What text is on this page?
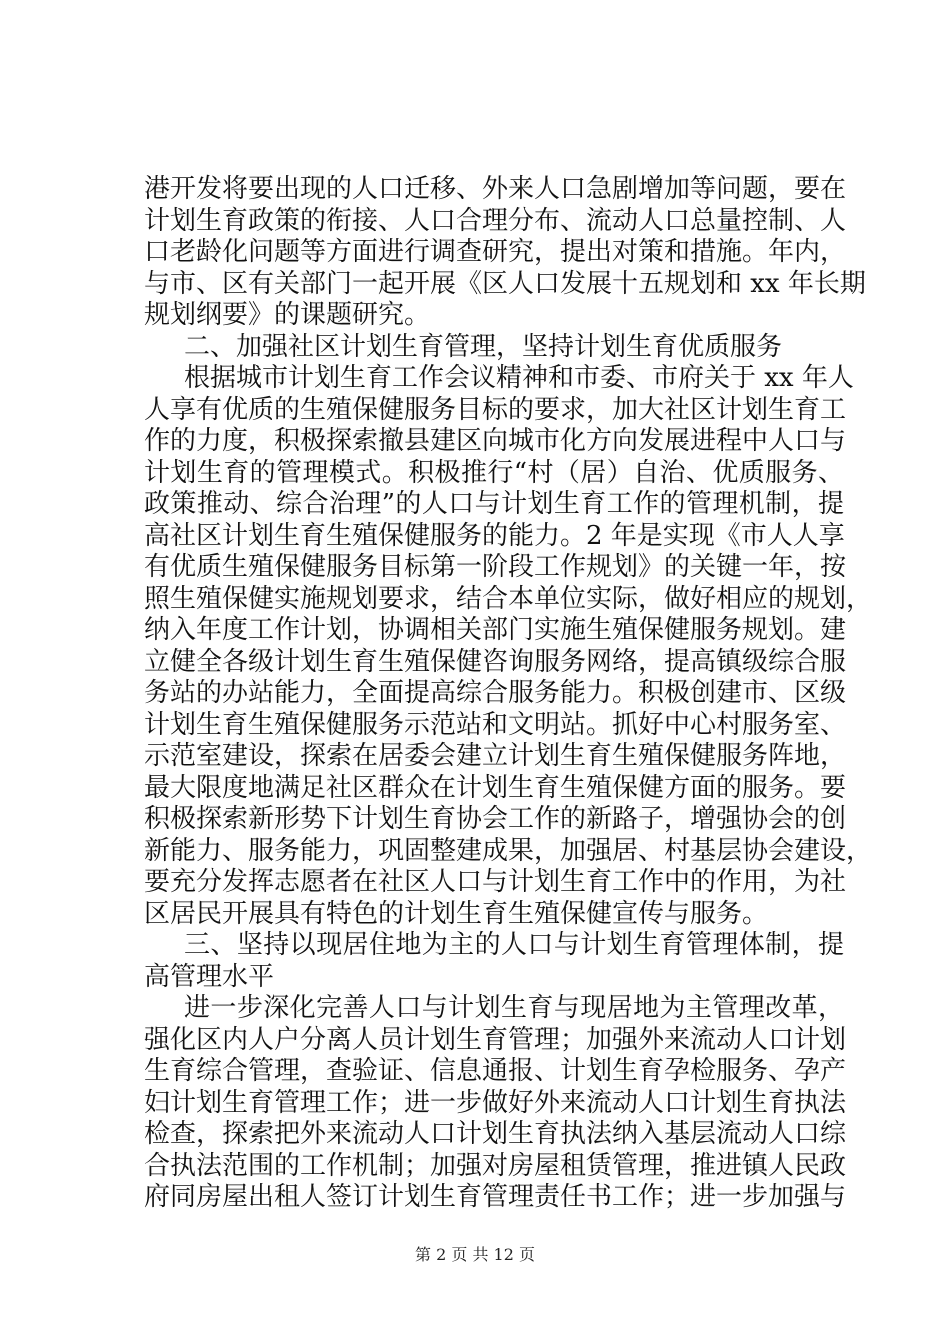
港开发将要出现的人口迁移、外来人口急剧增加等问题，要在
计划生育政策的衔接、人口合理分布、流动人口总量控制、人
口老龄化问题等方面进行调查研究，提出对策和措施。年内，
与市、区有关部门一起开展《区人口发展十五规划和 xx 年长期
规划纲要》的课题研究。
二、加强社区计划生育管理，坚持计划生育优质服务
根据城市计划生育工作会议精神和市委、市府关于 xx 年人
人享有优质的生殖保健服务目标的要求，加大社区计划生育工
作的力度，积极探索撤县建区向城市化方向发展进程中人口与
计划生育的管理模式。积极推行“村（居）自治、优质服务、
政策推动、综合治理”的人口与计划生育工作的管理机制，提
高社区计划生育生殖保健服务的能力。2 年是实现《市人人享
有优质生殖保健服务目标第一阶段工作规划》的关键一年，按
照生殖保健实施规划要求，结合本单位实际，做好相应的规划，
纳入年度工作计划，协调相关部门实施生殖保健服务规划。建
立健全各级计划生育生殖保健咨询服务网络，提高镇级综合服
务站的办站能力，全面提高综合服务能力。积极创建市、区级
计划生育生殖保健服务示范站和文明站。抓好中心村服务室、
示范室建设，探索在居委会建立计划生育生殖保健服务阵地，
最大限度地满足社区群众在计划生育生殖保健方面的服务。要
积极探索新形势下计划生育协会工作的新路子，增强协会的创
新能力、服务能力，巩固整建成果，加强居、村基层协会建设，
要充分发挥志愿者在社区人口与计划生育工作中的作用，为社
区居民开展具有特色的计划生育生殖保健宣传与服务。
三、坚持以现居住地为主的人口与计划生育管理体制，提
高管理水平
进一步深化完善人口与计划生育与现居地为主管理改革，
强化区内人户分离人员计划生育管理；加强外来流动人口计划
生育综合管理，查验证、信息通报、计划生育孕检服务、孕产
妇计划生育管理工作；进一步做好外来流动人口计划生育执法
检查，探索把外来流动人口计划生育执法纳入基层流动人口综
合执法范围的工作机制；加强对房屋租赁管理，推进镇人民政
府同房屋出租人签订计划生育管理责任书工作；进一步加强与
第 2 页 共 12 页
